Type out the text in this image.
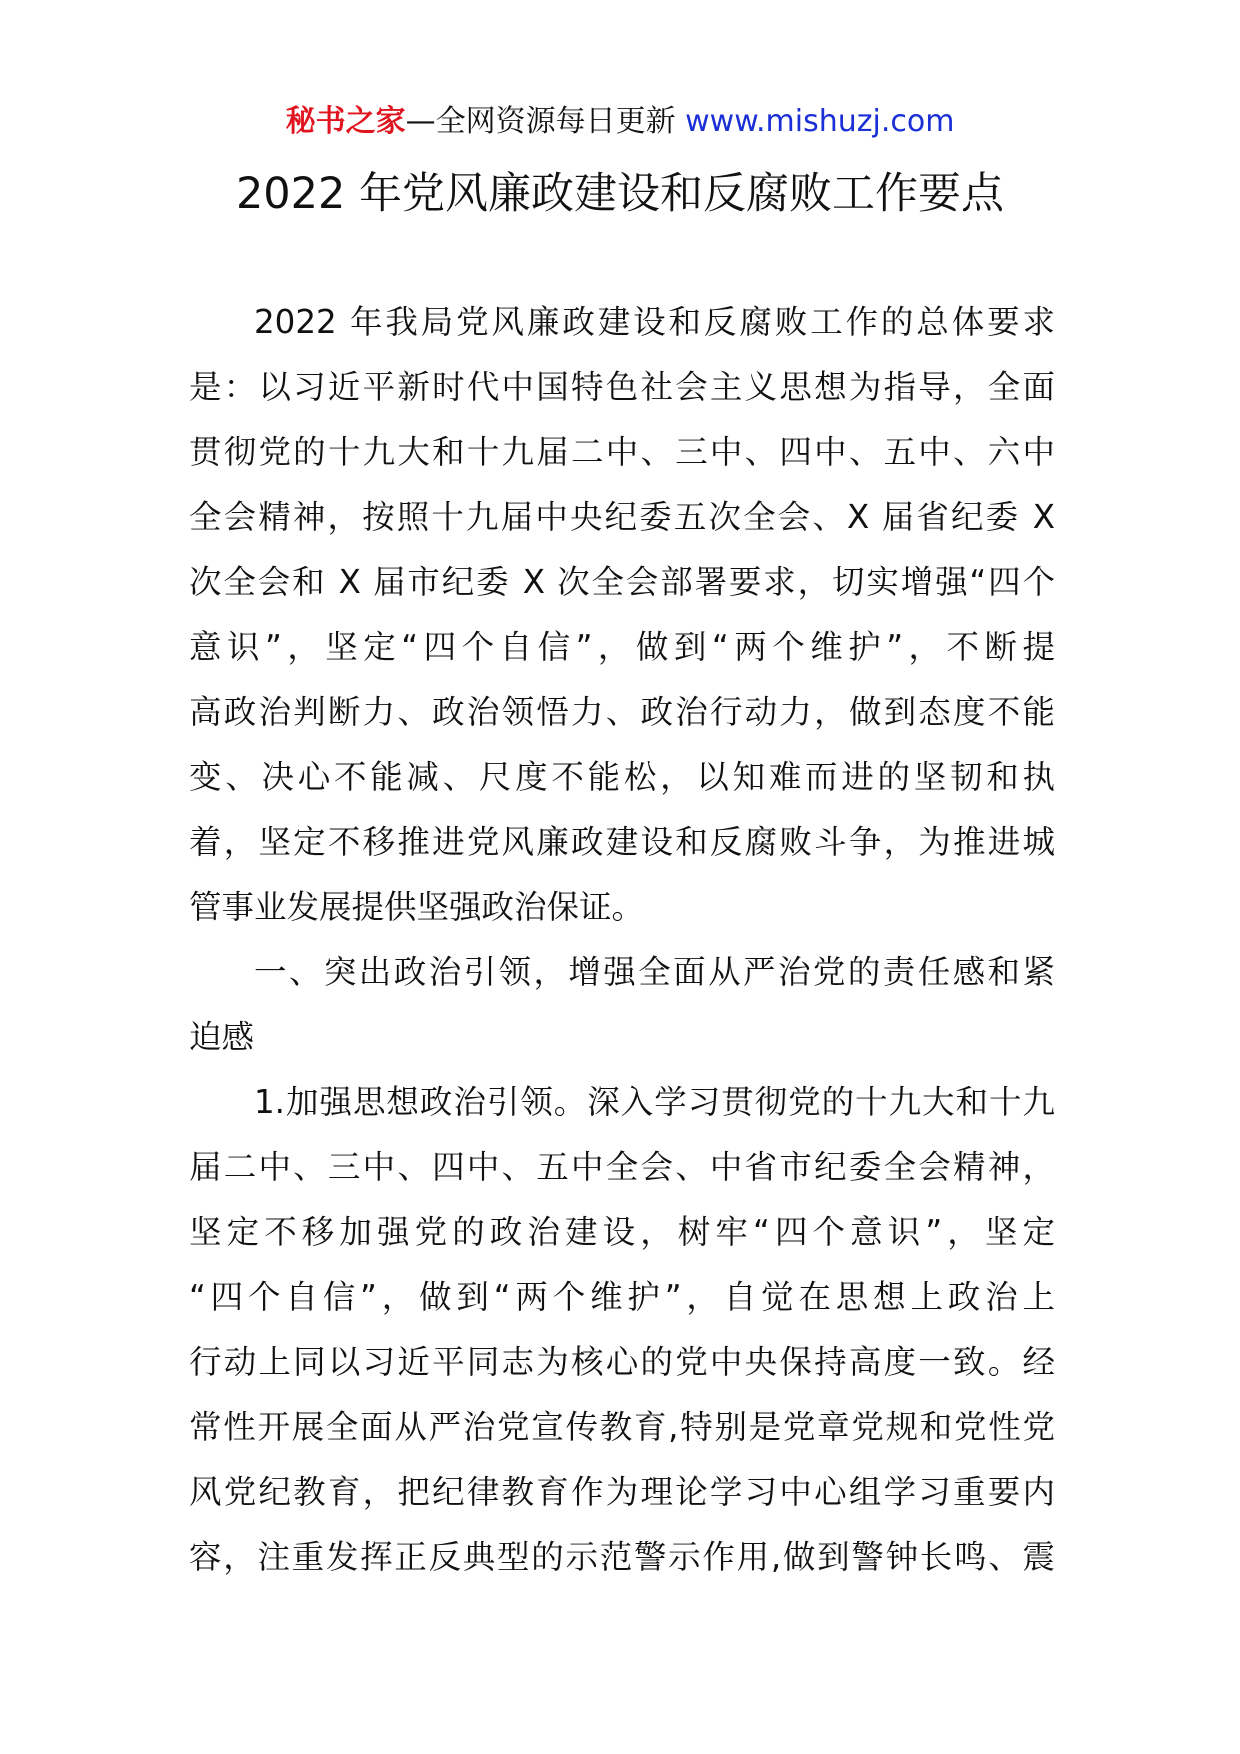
秘书之家—全网资源每日更新 www.mishuzj.com
2022 年党风廉政建设和反腐败工作要点
2022 年我局党风廉政建设和反腐败工作的总体要求
是：以习近平新时代中国特色社会主义思想为指导，全面
贯彻党的十九大和十九届二中、三中、四中、五中、六中
全会精神，按照十九届中央纪委五次全会、X 届省纪委 X
次全会和 X 届市纪委 X 次全会部署要求，切实增强“四个
意识”，坚定“四个自信”，做到“两个维护”，不断提
高政治判断力、政治领悟力、政治行动力，做到态度不能
变、决心不能减、尺度不能松，以知难而进的坚韧和执
着，坚定不移推进党风廉政建设和反腐败斗争，为推进城
管事业发展提供坚强政治保证。
一、突出政治引领，增强全面从严治党的责任感和紧
迫感
1.加强思想政治引领。深入学习贯彻党的十九大和十九
届二中、三中、四中、五中全会、中省市纪委全会精神，
坚定不移加强党的政治建设，树牢“四个意识”，坚定
“四个自信”，做到“两个维护”，自觉在思想上政治上
行动上同以习近平同志为核心的党中央保持高度一致。经
常性开展全面从严治党宣传教育,特别是党章党规和党性党
风党纪教育，把纪律教育作为理论学习中心组学习重要内
容，注重发挥正反典型的示范警示作用,做到警钟长鸣、震
